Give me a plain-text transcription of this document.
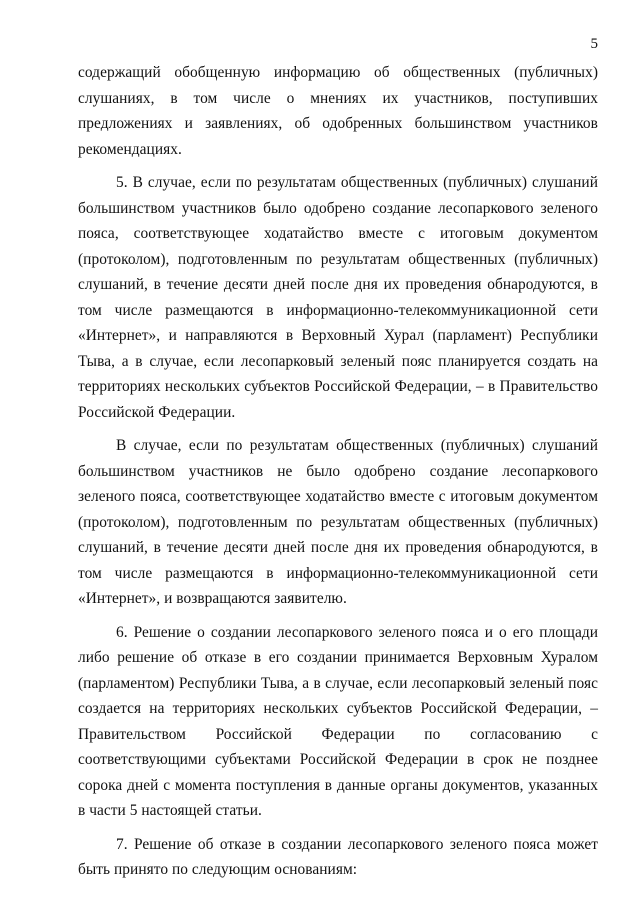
5

содержащий обобщенную информацию об общественных (публичных) слушаниях, в том числе о мнениях их участников, поступивших предложениях и заявлениях, об одобренных большинством участников рекомендациях.

5. В случае, если по результатам общественных (публичных) слушаний большинством участников было одобрено создание лесопаркового зеленого пояса, соответствующее ходатайство вместе с итоговым документом (протоколом), подготовленным по результатам общественных (публичных) слушаний, в течение десяти дней после дня их проведения обнародуются, в том числе размещаются в информационно-телекоммуникационной сети «Интернет», и направляются в Верховный Хурал (парламент) Республики Тыва, а в случае, если лесопарковый зеленый пояс планируется создать на территориях нескольких субъектов Российской Федерации, – в Правительство Российской Федерации.

В случае, если по результатам общественных (публичных) слушаний большинством участников не было одобрено создание лесопаркового зеленого пояса, соответствующее ходатайство вместе с итоговым документом (протоколом), подготовленным по результатам общественных (публичных) слушаний, в течение десяти дней после дня их проведения обнародуются, в том числе размещаются в информационно-телекоммуникационной сети «Интернет», и возвращаются заявителю.

6. Решение о создании лесопаркового зеленого пояса и о его площади либо решение об отказе в его создании принимается Верховным Хуралом (парламентом) Республики Тыва, а в случае, если лесопарковый зеленый пояс создается на территориях нескольких субъектов Российской Федерации, – Правительством Российской Федерации по согласованию с соответствующими субъектами Российской Федерации в срок не позднее сорока дней с момента поступления в данные органы документов, указанных в части 5 настоящей статьи.

7. Решение об отказе в создании лесопаркового зеленого пояса может быть принято по следующим основаниям:
